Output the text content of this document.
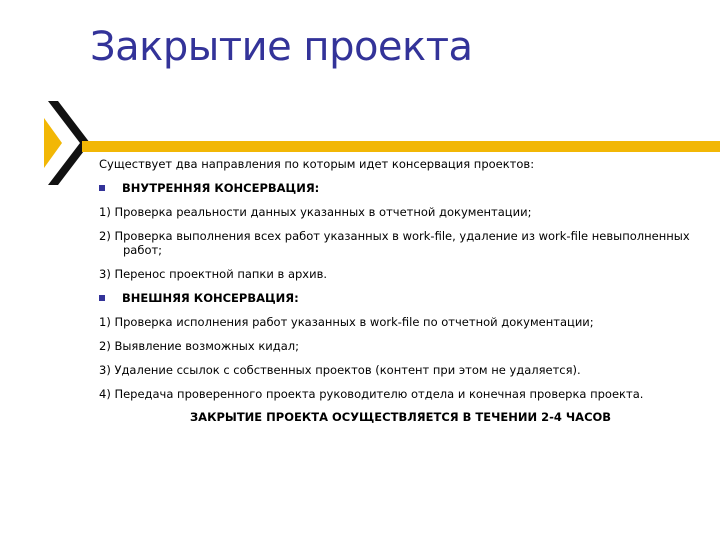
Закрытие проекта

Существует два направления по которым идет консервация проектов:

ВНУТРЕННЯЯ КОНСЕРВАЦИЯ:

1) Проверка реальности данных указанных в отчетной документации;

2) Проверка выполнения всех работ указанных в work-file, удаление из work-file невыполненных работ;

3) Перенос проектной папки в архив.

ВНЕШНЯЯ КОНСЕРВАЦИЯ:

1) Проверка исполнения работ указанных в work-file по отчетной документации;

2) Выявление возможных кидал;

3) Удаление ссылок с собственных проектов (контент при этом не удаляется).

4) Передача проверенного проекта руководителю отдела и конечная проверка проекта.

ЗАКРЫТИЕ ПРОЕКТА ОСУЩЕСТВЛЯЕТСЯ В ТЕЧЕНИИ 2-4 ЧАСОВ
